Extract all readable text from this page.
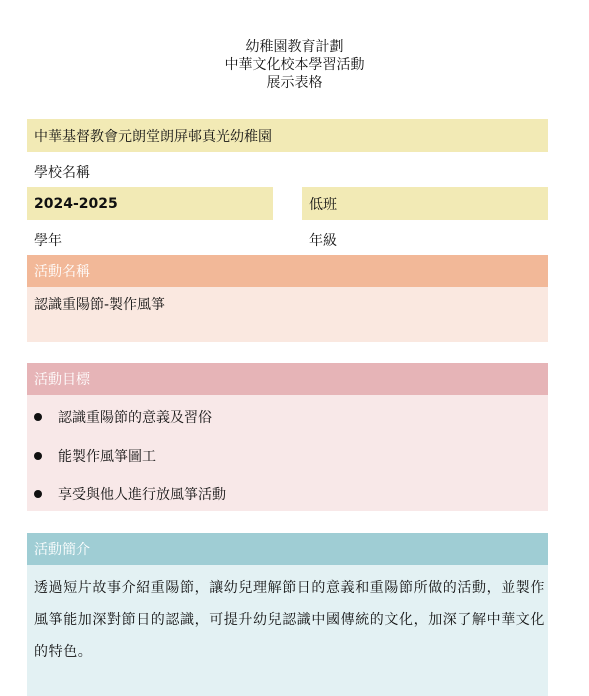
幼稚園教育計劃
中華文化校本學習活動
展示表格
中華基督教會元朗堂朗屏邨真光幼稚園
學校名稱
2024-2025	低班
學年	年級
活動名稱
認識重陽節-製作風箏
活動目標
認識重陽節的意義及習俗
能製作風箏圖工
享受與他人進行放風箏活動
活動簡介
透過短片故事介紹重陽節，讓幼兒理解節日的意義和重陽節所做的活動，並製作風箏能加深對節日的認識，可提升幼兒認識中國傳統的文化，加深了解中華文化的特色。
